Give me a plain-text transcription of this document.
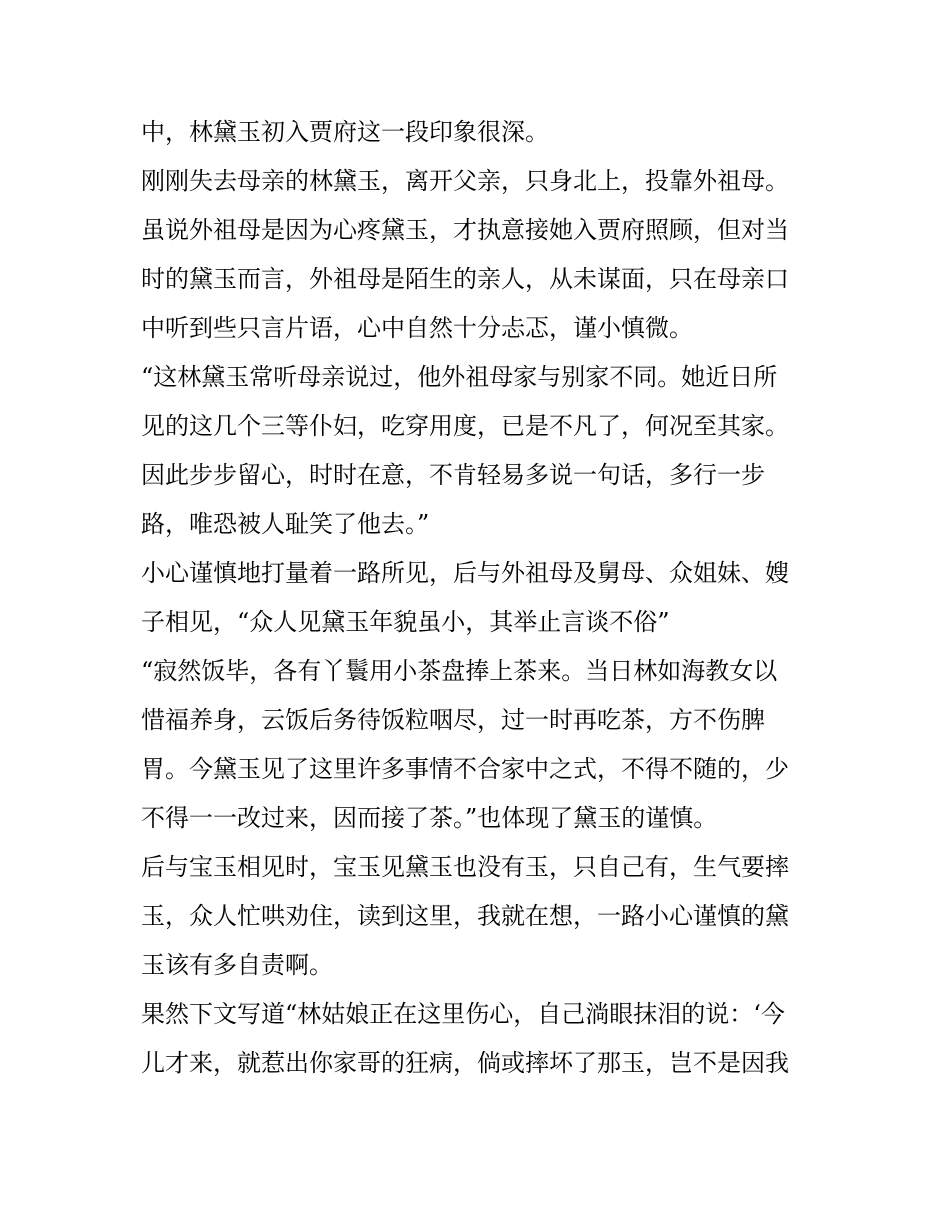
中，林黛玉初入贾府这一段印象很深。
刚刚失去母亲的林黛玉，离开父亲，只身北上，投靠外祖母。
虽说外祖母是因为心疼黛玉，才执意接她入贾府照顾，但对当
时的黛玉而言，外祖母是陌生的亲人，从未谋面，只在母亲口
中听到些只言片语，心中自然十分忐忑，谨小慎微。
“这林黛玉常听母亲说过，他外祖母家与别家不同。她近日所
见的这几个三等仆妇，吃穿用度，已是不凡了，何况至其家。
因此步步留心，时时在意，不肯轻易多说一句话，多行一步
路，唯恐被人耻笑了他去。”
小心谨慎地打量着一路所见，后与外祖母及舅母、众姐妹、嫂
子相见，“众人见黛玉年貌虽小，其举止言谈不俗”
“寂然饭毕，各有丫鬟用小茶盘捧上茶来。当日林如海教女以
惜福养身，云饭后务待饭粒咽尽，过一时再吃茶，方不伤脾
胃。今黛玉见了这里许多事情不合家中之式，不得不随的，少
不得一一改过来，因而接了茶。”也体现了黛玉的谨慎。
后与宝玉相见时，宝玉见黛玉也没有玉，只自己有，生气要摔
玉，众人忙哄劝住，读到这里，我就在想，一路小心谨慎的黛
玉该有多自责啊。
果然下文写道“林姑娘正在这里伤心，自己淌眼抹泪的说：‘今
儿才来，就惹出你家哥的狂病，倘或摔坏了那玉，岂不是因我
